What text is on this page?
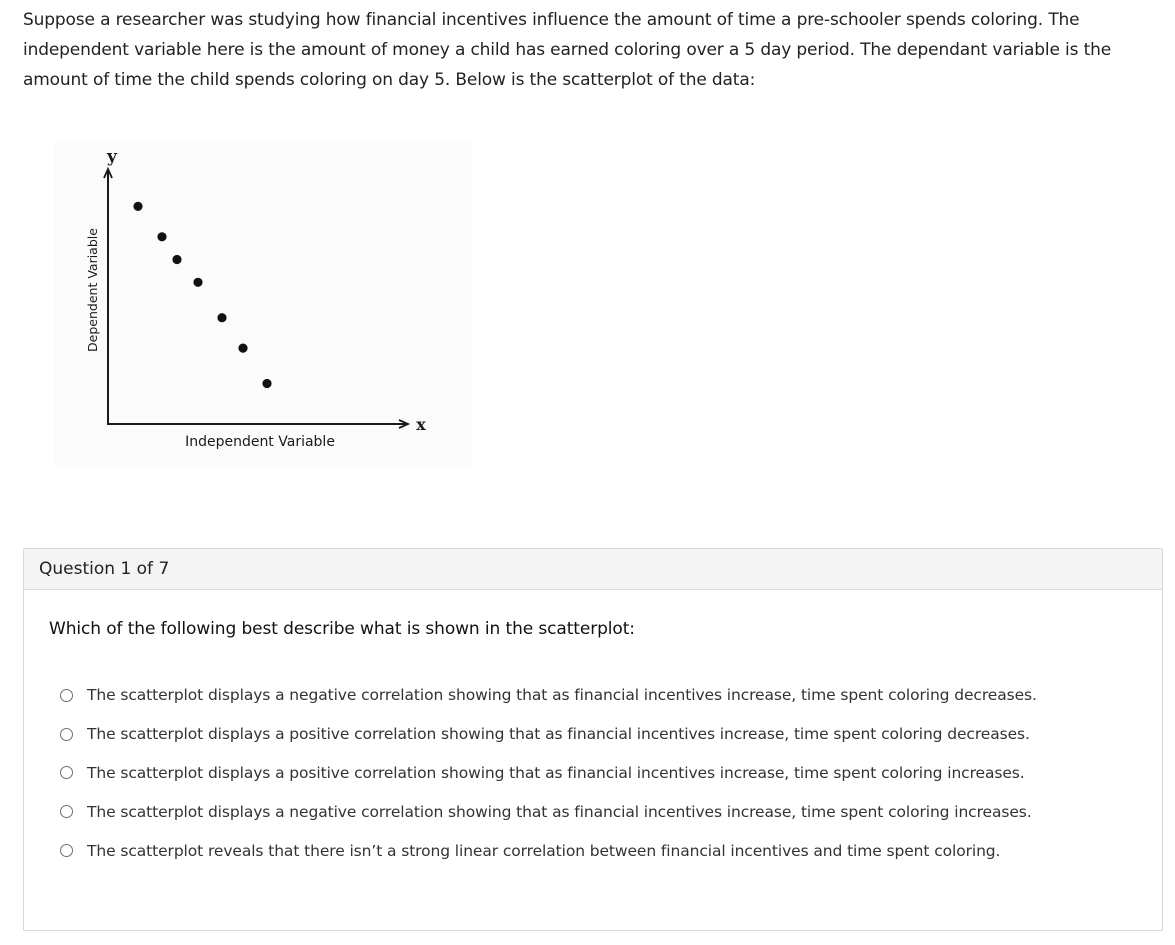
Suppose a researcher was studying how financial incentives influence the amount of time a pre-schooler spends coloring. The independent variable here is the amount of money a child has earned coloring over a 5 day period. The dependant variable is the amount of time the child spends coloring on day 5. Below is the scatterplot of the data:

y
x
Independent Variable
Dependent Variable
Question 1 of 7
Which of the following best describe what is shown in the scatterplot:
The scatterplot displays a negative correlation showing that as financial incentives increase, time spent coloring decreases.
The scatterplot displays a positive correlation showing that as financial incentives increase, time spent coloring decreases.
The scatterplot displays a positive correlation showing that as financial incentives increase, time spent coloring increases.
The scatterplot displays a negative correlation showing that as financial incentives increase, time spent coloring increases.
The scatterplot reveals that there isn’t a strong linear correlation between financial incentives and time spent coloring.
